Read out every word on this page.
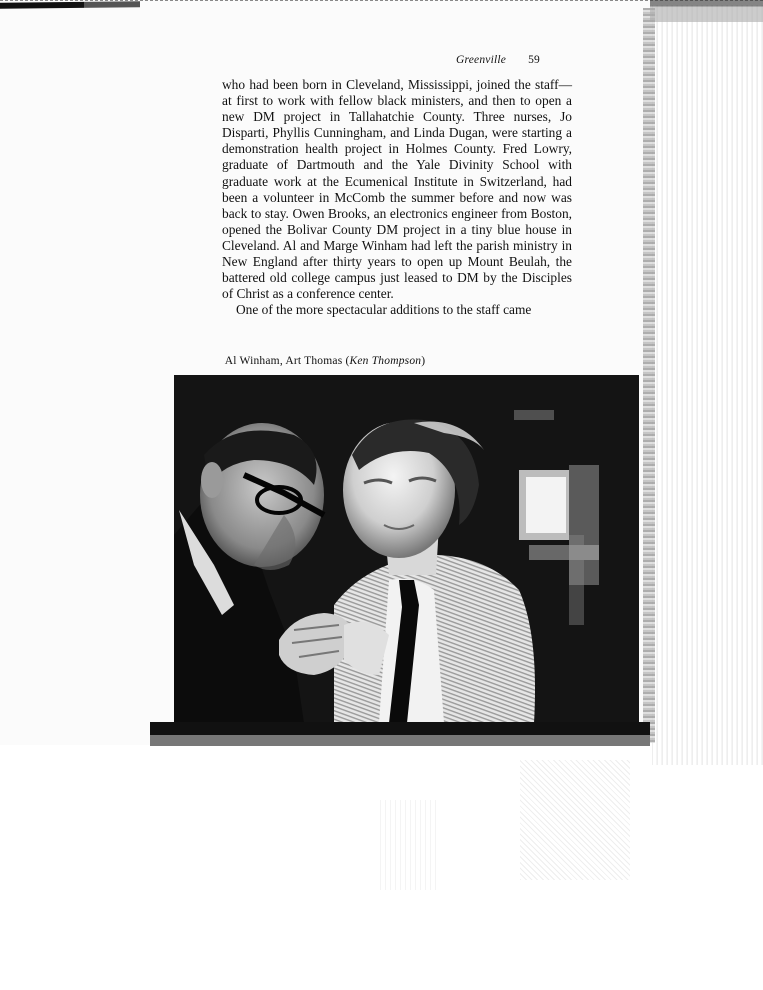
Greenville 59

who had been born in Cleveland, Mississippi, joined the staff—at first to work with fellow black ministers, and then to open a new DM project in Tallahatchie County. Three nurses, Jo Disparti, Phyllis Cunningham, and Linda Dugan, were starting a demonstration health project in Holmes County. Fred Lowry, graduate of Dartmouth and the Yale Divinity School with graduate work at the Ecumenical Institute in Switzerland, had been a volunteer in McComb the summer before and now was back to stay. Owen Brooks, an electronics engineer from Boston, opened the Bolivar County DM project in a tiny blue house in Cleveland. Al and Marge Winham had left the parish ministry in New England after thirty years to open up Mount Beulah, the battered old college campus just leased to DM by the Disciples of Christ as a conference center.

One of the more spectacular additions to the staff came

Al Winham, Art Thomas (Ken Thompson)
